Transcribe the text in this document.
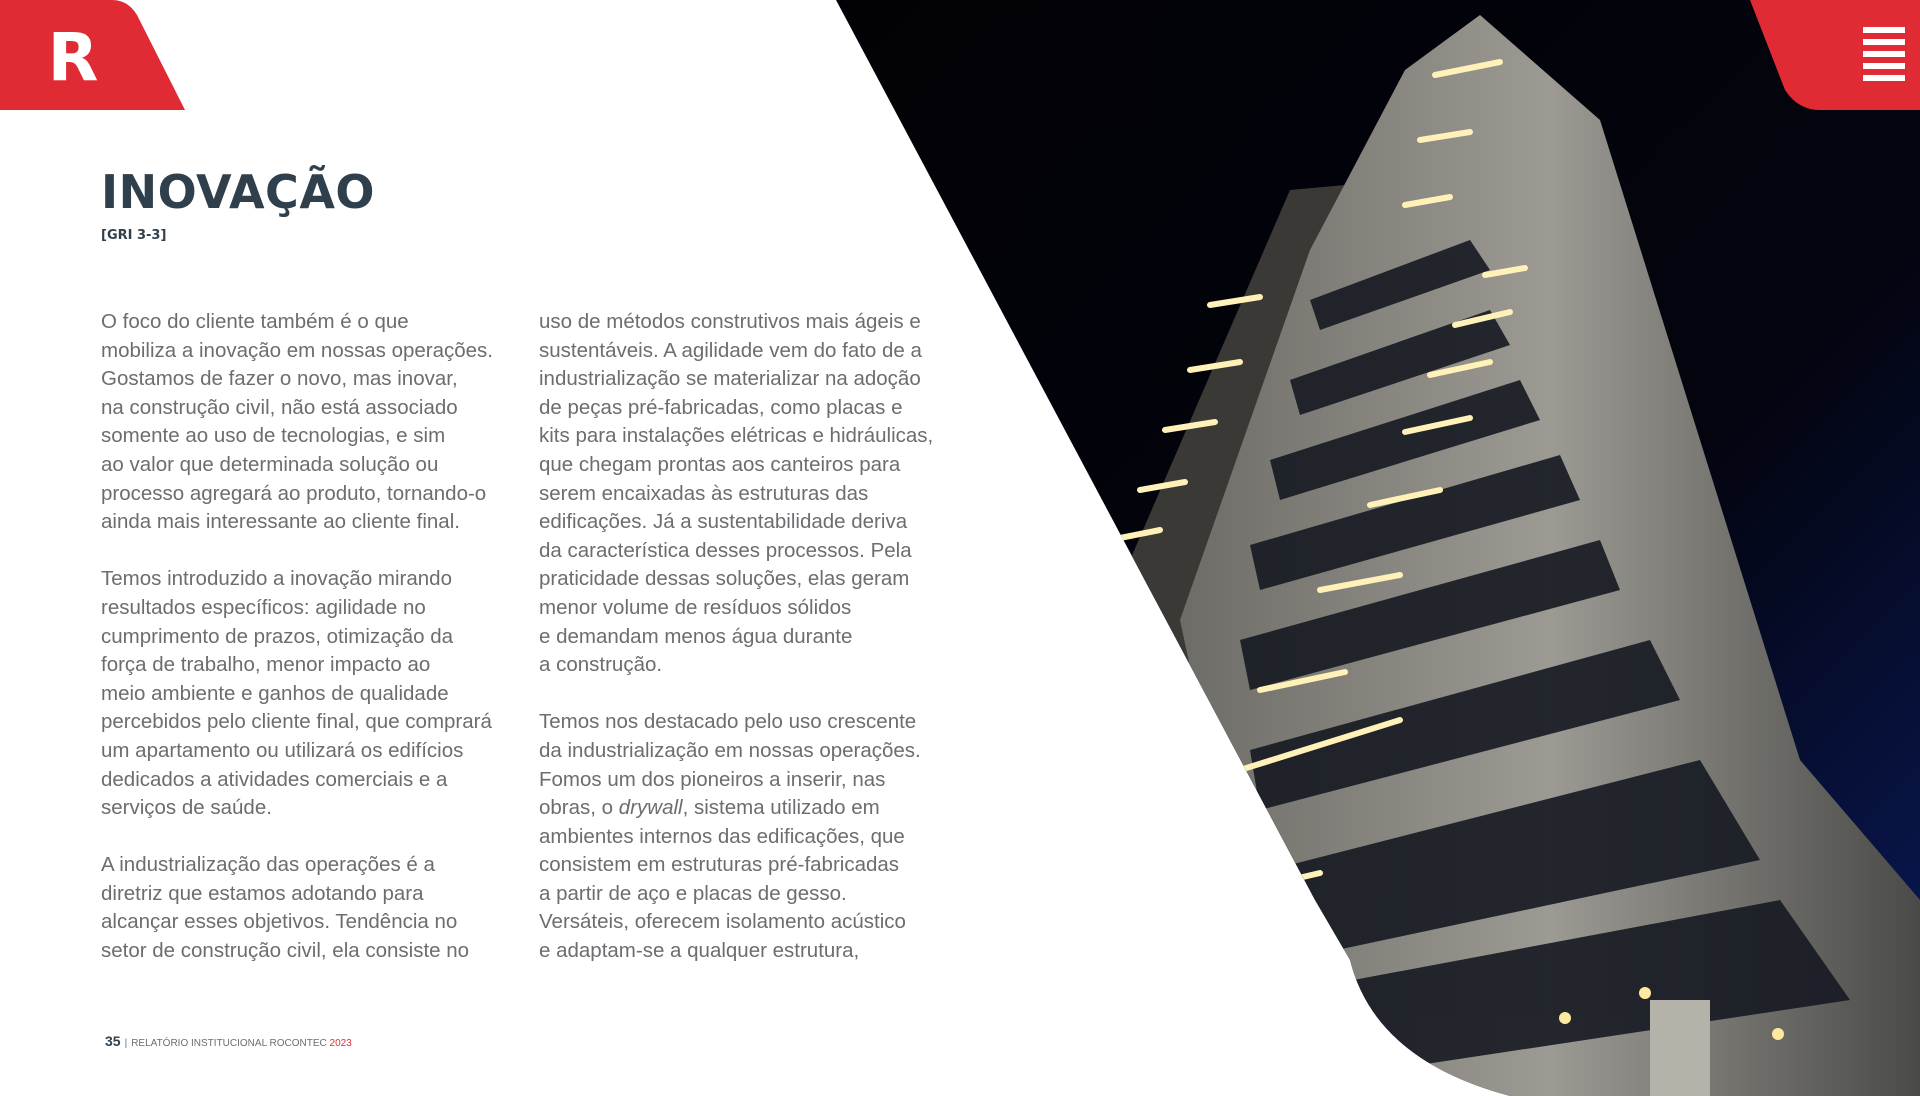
R
INOVAÇÃO
[GRI 3-3]

O foco do cliente também é o que
mobiliza a inovação em nossas operações.
Gostamos de fazer o novo, mas inovar,
na construção civil, não está associado
somente ao uso de tecnologias, e sim
ao valor que determinada solução ou
processo agregará ao produto, tornando-o
ainda mais interessante ao cliente final.

Temos introduzido a inovação mirando
resultados específicos: agilidade no
cumprimento de prazos, otimização da
força de trabalho, menor impacto ao
meio ambiente e ganhos de qualidade
percebidos pelo cliente final, que comprará
um apartamento ou utilizará os edifícios
dedicados a atividades comerciais e a
serviços de saúde.

A industrialização das operações é a
diretriz que estamos adotando para
alcançar esses objetivos. Tendência no
setor de construção civil, ela consiste no

uso de métodos construtivos mais ágeis e
sustentáveis. A agilidade vem do fato de a
industrialização se materializar na adoção
de peças pré-fabricadas, como placas e
kits para instalações elétricas e hidráulicas,
que chegam prontas aos canteiros para
serem encaixadas às estruturas das
edificações. Já a sustentabilidade deriva
da característica desses processos. Pela
praticidade dessas soluções, elas geram
menor volume de resíduos sólidos
e demandam menos água durante
a construção.

Temos nos destacado pelo uso crescente
da industrialização em nossas operações.
Fomos um dos pioneiros a inserir, nas
obras, o drywall, sistema utilizado em
ambientes internos das edificações, que
consistem em estruturas pré-fabricadas
a partir de aço e placas de gesso.
Versáteis, oferecem isolamento acústico
e adaptam-se a qualquer estrutura,

35 | RELATÓRIO INSTITUCIONAL ROCONTEC 2023
